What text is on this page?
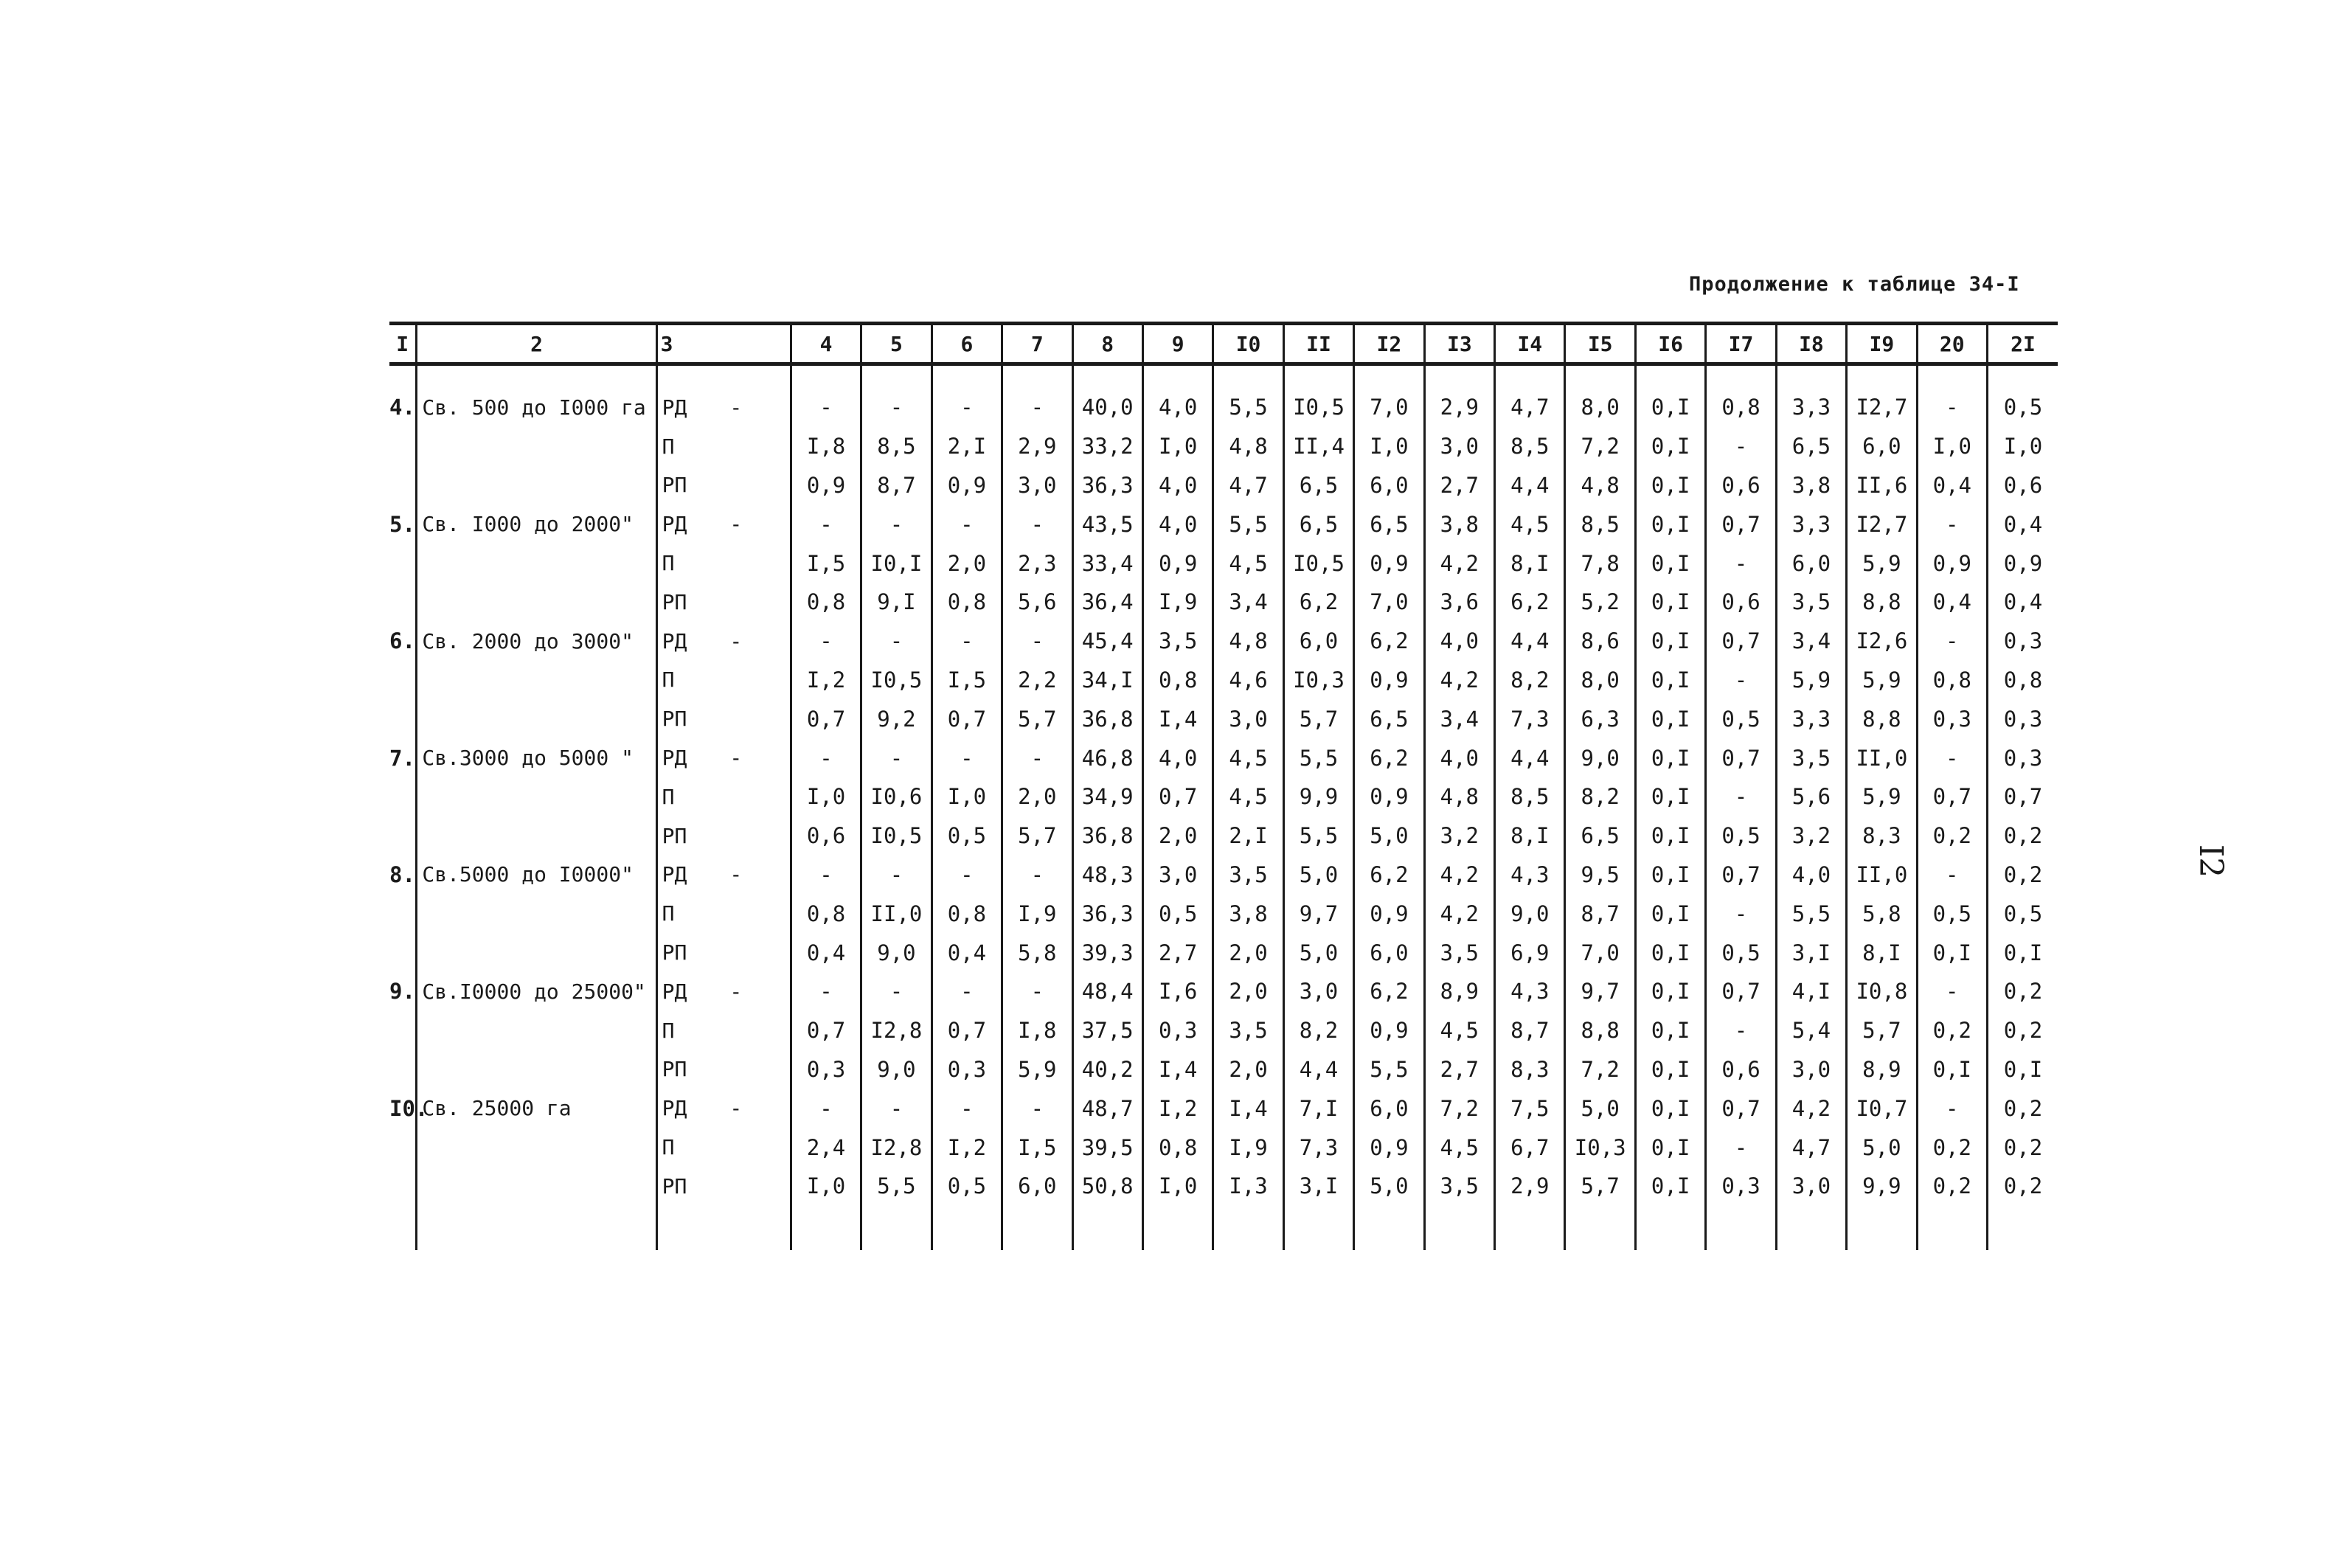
Продолжение к таблице 34-I
I2
I	2	3	4	5	6	7	8	9	I0	II	I2	I3	I4	I5	I6	I7	I8	I9	20	2I

4.	Св. 500 до I000 га	РД -	-	-	-	-	40,0	4,0	5,5	I0,5	7,0	2,9	4,7	8,0	0,I	0,8	3,3	I2,7	-	0,5
		П	I,8	8,5	2,I	2,9	33,2	I,0	4,8	II,4	I,0	3,0	8,5	7,2	0,I	-	6,5	6,0	I,0	I,0
		РП	0,9	8,7	0,9	3,0	36,3	4,0	4,7	6,5	6,0	2,7	4,4	4,8	0,I	0,6	3,8	II,6	0,4	0,6
5.	Св. I000 до 2000"	РД -	-	-	-	-	43,5	4,0	5,5	6,5	6,5	3,8	4,5	8,5	0,I	0,7	3,3	I2,7	-	0,4
		П	I,5	I0,I	2,0	2,3	33,4	0,9	4,5	I0,5	0,9	4,2	8,I	7,8	0,I	-	6,0	5,9	0,9	0,9
		РП	0,8	9,I	0,8	5,6	36,4	I,9	3,4	6,2	7,0	3,6	6,2	5,2	0,I	0,6	3,5	8,8	0,4	0,4
6.	Св. 2000 до 3000"	РД -	-	-	-	-	45,4	3,5	4,8	6,0	6,2	4,0	4,4	8,6	0,I	0,7	3,4	I2,6	-	0,3
		П	I,2	I0,5	I,5	2,2	34,I	0,8	4,6	I0,3	0,9	4,2	8,2	8,0	0,I	-	5,9	5,9	0,8	0,8
		РП	0,7	9,2	0,7	5,7	36,8	I,4	3,0	5,7	6,5	3,4	7,3	6,3	0,I	0,5	3,3	8,8	0,3	0,3
7.	Св.3000 до 5000 "	РД -	-	-	-	-	46,8	4,0	4,5	5,5	6,2	4,0	4,4	9,0	0,I	0,7	3,5	II,0	-	0,3
		П	I,0	I0,6	I,0	2,0	34,9	0,7	4,5	9,9	0,9	4,8	8,5	8,2	0,I	-	5,6	5,9	0,7	0,7
		РП	0,6	I0,5	0,5	5,7	36,8	2,0	2,I	5,5	5,0	3,2	8,I	6,5	0,I	0,5	3,2	8,3	0,2	0,2
8.	Св.5000 до I0000"	РД -	-	-	-	-	48,3	3,0	3,5	5,0	6,2	4,2	4,3	9,5	0,I	0,7	4,0	II,0	-	0,2
		П	0,8	II,0	0,8	I,9	36,3	0,5	3,8	9,7	0,9	4,2	9,0	8,7	0,I	-	5,5	5,8	0,5	0,5
		РП	0,4	9,0	0,4	5,8	39,3	2,7	2,0	5,0	6,0	3,5	6,9	7,0	0,I	0,5	3,I	8,I	0,I	0,I
9.	Св.I0000 до 25000"	РД -	-	-	-	-	48,4	I,6	2,0	3,0	6,2	8,9	4,3	9,7	0,I	0,7	4,I	I0,8	-	0,2
		П	0,7	I2,8	0,7	I,8	37,5	0,3	3,5	8,2	0,9	4,5	8,7	8,8	0,I	-	5,4	5,7	0,2	0,2
		РП	0,3	9,0	0,3	5,9	40,2	I,4	2,0	4,4	5,5	2,7	8,3	7,2	0,I	0,6	3,0	8,9	0,I	0,I
I0.	Св. 25000 га	РД -	-	-	-	-	48,7	I,2	I,4	7,I	6,0	7,2	7,5	5,0	0,I	0,7	4,2	I0,7	-	0,2
		П	2,4	I2,8	I,2	I,5	39,5	0,8	I,9	7,3	0,9	4,5	6,7	I0,3	0,I	-	4,7	5,0	0,2	0,2
		РП	I,0	5,5	0,5	6,0	50,8	I,0	I,3	3,I	5,0	3,5	2,9	5,7	0,I	0,3	3,0	9,9	0,2	0,2
